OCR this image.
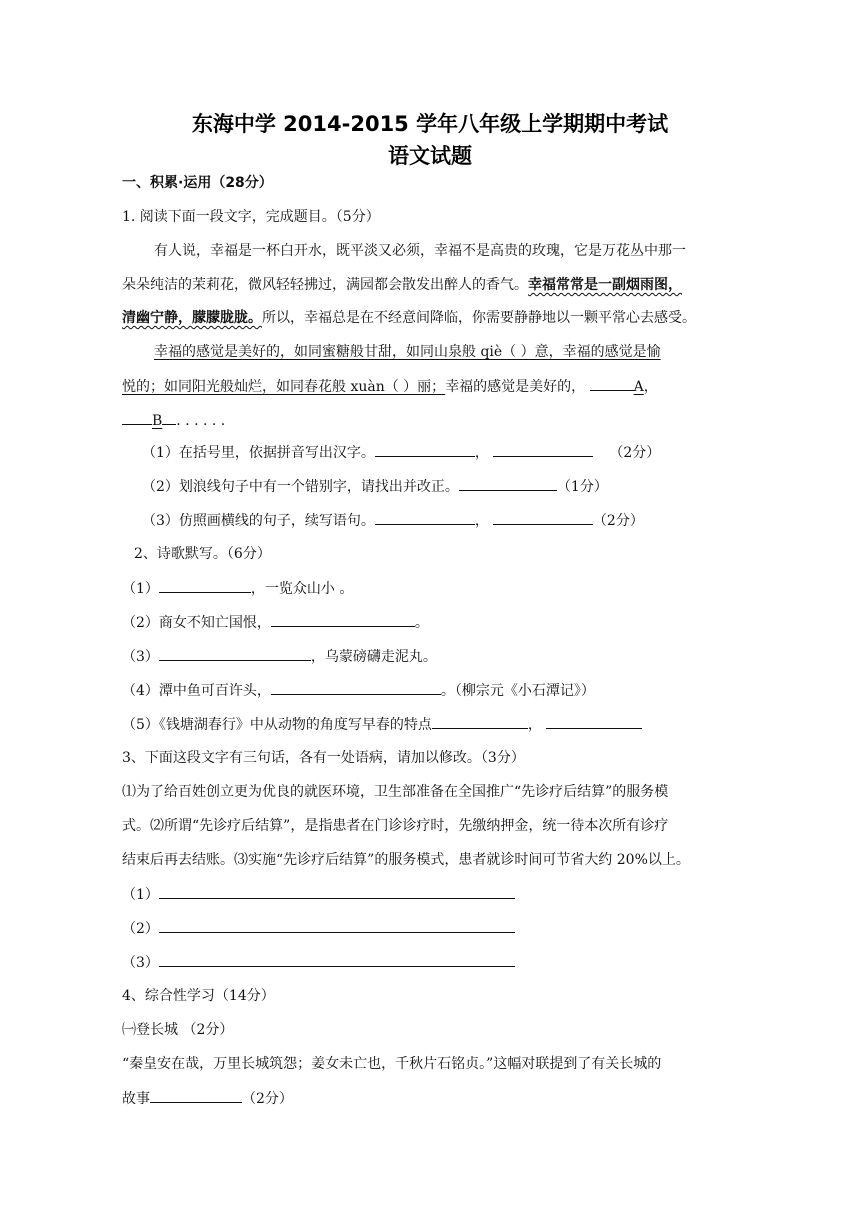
东海中学 2014-2015 学年八年级上学期期中考试
语文试题
一、积累·运用（28分）
1. 阅读下面一段文字，完成题目。（5分）
有人说，幸福是一杯白开水，既平淡又必须，幸福不是高贵的玫瑰，它是万花丛中那一
朵朵纯洁的茉莉花，微风轻轻拂过，满园都会散发出醉人的香气。幸福常常是一副烟雨图，
清幽宁静，朦朦胧胧。所以，幸福总是在不经意间降临，你需要静静地以一颗平常心去感受。
幸福的感觉是美好的，如同蜜糖般甘甜，如同山泉般 qiè（ ）意，幸福的感觉是愉
悦的；如同阳光般灿烂，如同春花般 xuàn（ ）丽；幸福的感觉是美好的，	A，
B . . . . . .
（1）在括号里，依据拼音写出汉字。	，	（2分）
（2）划浪线句子中有一个错别字，请找出并改正。	（1分）
（3）仿照画横线的句子，续写语句。	，	（2分）
2、诗歌默写。（6分）
（1）	，一览众山小 。
（2）商女不知亡国恨，	。
（3）	，乌蒙磅礴走泥丸。
（4）潭中鱼可百许头，	。（柳宗元《小石潭记》）
（5）《钱塘湖春行》中从动物的角度写早春的特点	，
3、下面这段文字有三句话，各有一处语病，请加以修改。（3分）
⑴为了给百姓创立更为优良的就医环境，卫生部准备在全国推广“先诊疗后结算”的服务模
式。⑵所谓“先诊疗后结算”，是指患者在门诊诊疗时，先缴纳押金，统一待本次所有诊疗
结束后再去结账。⑶实施“先诊疗后结算”的服务模式，患者就诊时间可节省大约 20%以上。
（1）
（2）
（3）
4、综合性学习（14分）
㈠登长城 （2分）
“秦皇安在哉，万里长城筑怨；姜女未亡也，千秋片石铭贞。”这幅对联提到了有关长城的
故事	（2分）
